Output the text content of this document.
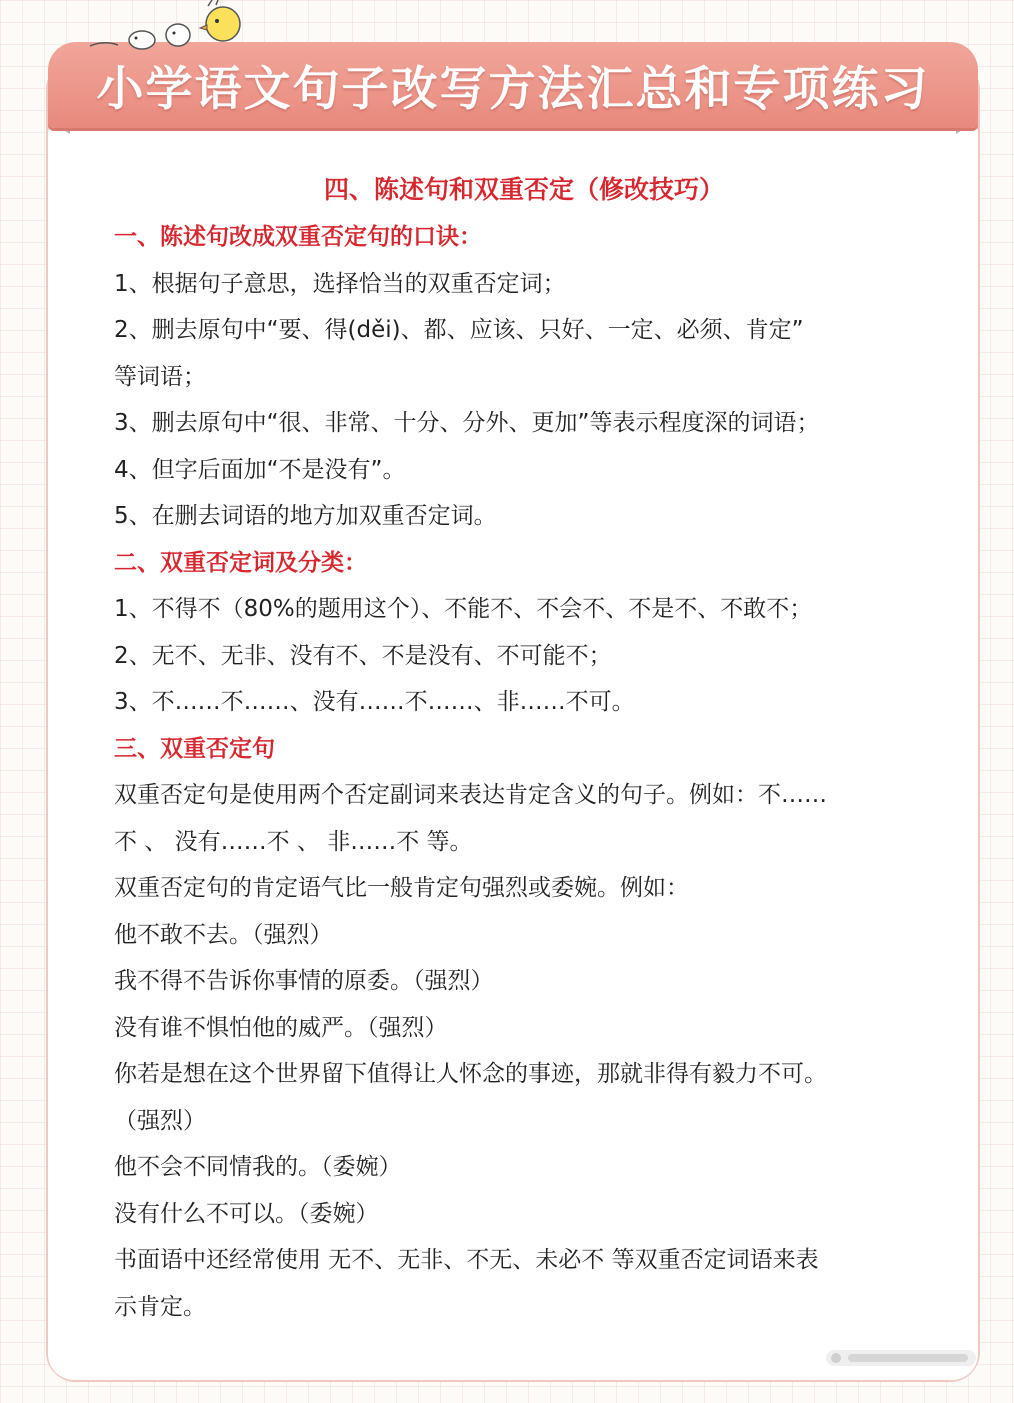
小学语文句子改写方法汇总和专项练习
四、陈述句和双重否定（修改技巧）
一、陈述句改成双重否定句的口诀：
1、根据句子意思，选择恰当的双重否定词；
2、删去原句中“要、得(děi)、都、应该、只好、一定、必须、肯定”
等词语；
3、删去原句中“很、非常、十分、分外、更加”等表示程度深的词语；
4、但字后面加“不是没有”。
5、在删去词语的地方加双重否定词。
二、双重否定词及分类：
1、不得不（80%的题用这个）、不能不、不会不、不是不、不敢不；
2、无不、无非、没有不、不是没有、不可能不；
3、不……不……、没有……不……、非……不可。
三、双重否定句
双重否定句是使用两个否定副词来表达肯定含义的句子。例如：不……
不 、 没有……不 、 非……不 等。
双重否定句的肯定语气比一般肯定句强烈或委婉。例如：
他不敢不去。（强烈）
我不得不告诉你事情的原委。（强烈）
没有谁不惧怕他的威严。（强烈）
你若是想在这个世界留下值得让人怀念的事迹，那就非得有毅力不可。
（强烈）
他不会不同情我的。（委婉）
没有什么不可以。（委婉）
书面语中还经常使用 无不、无非、不无、未必不 等双重否定词语来表
示肯定。
